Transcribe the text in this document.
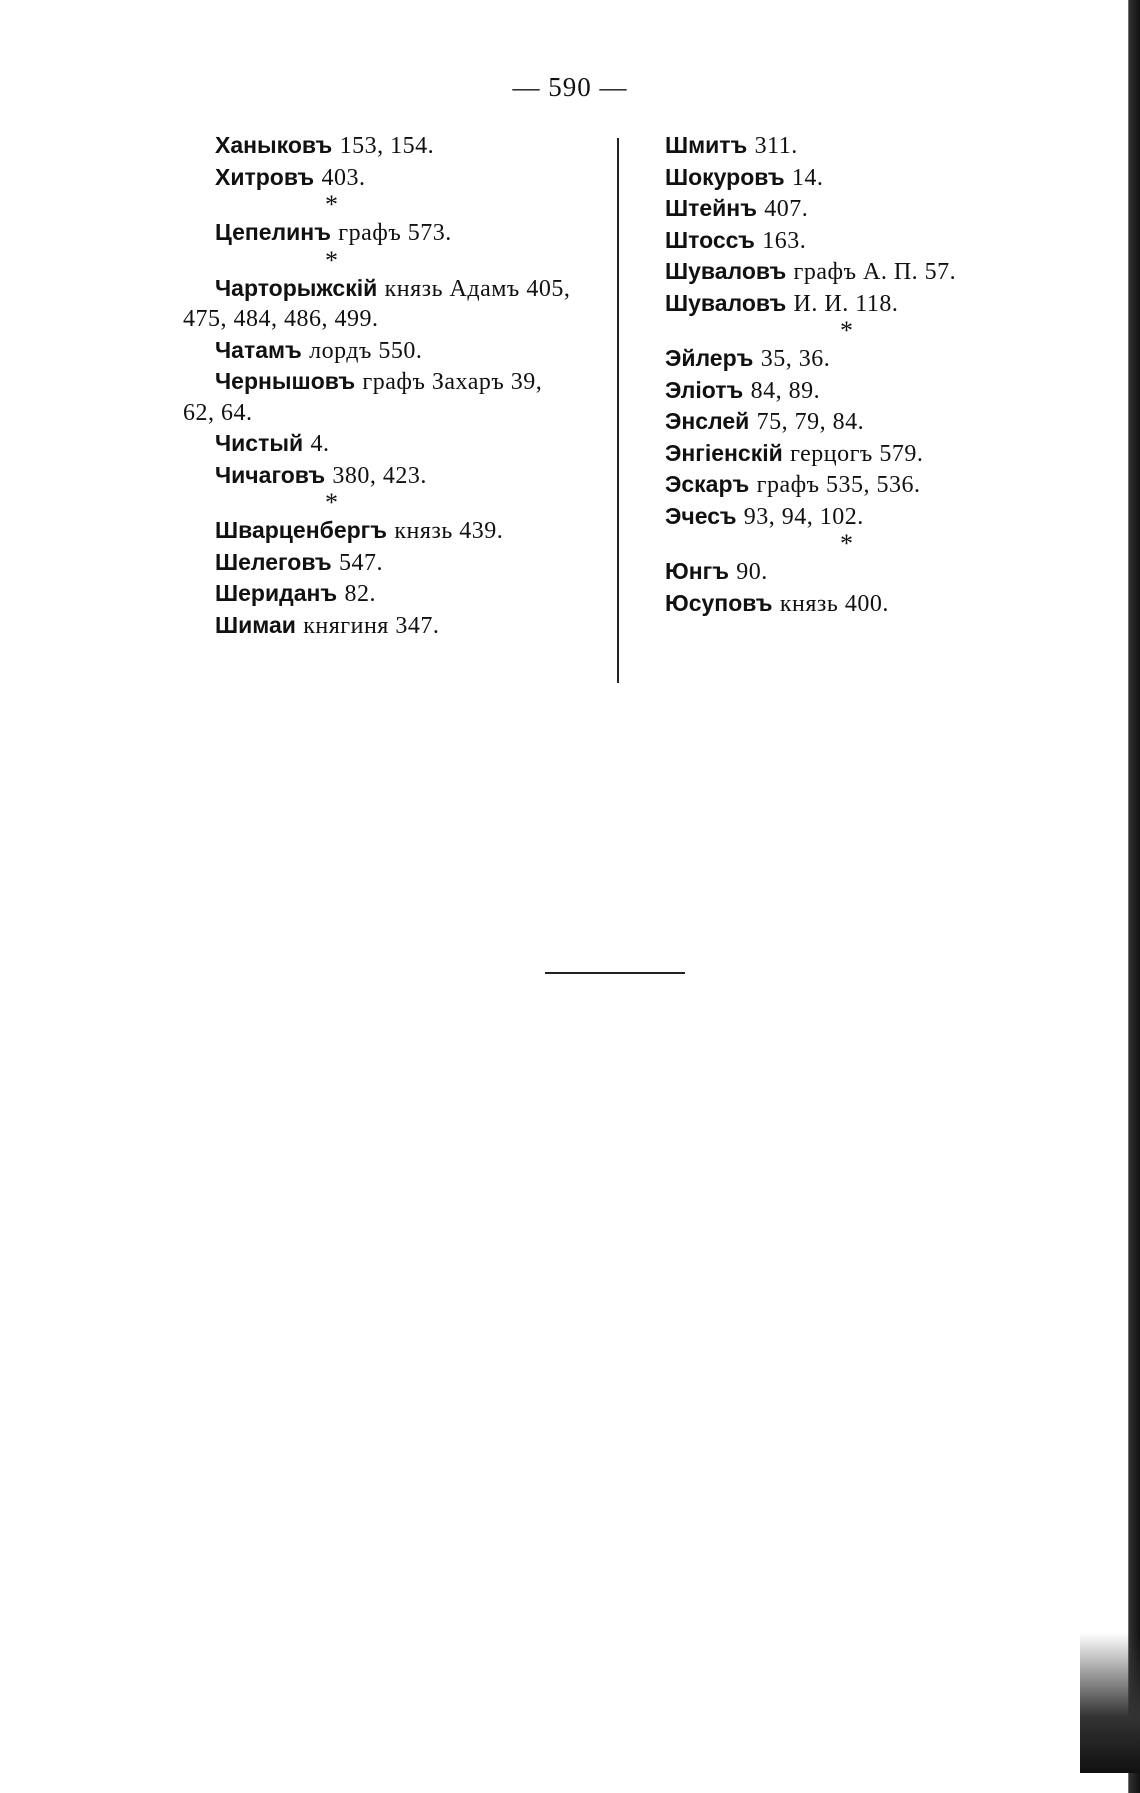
— 590 —

Ханыковъ 153, 154.

Хитровъ 403.

*

Цепелинъ графъ 573.

*

Чарторыжскій князь Адамъ 405,
475, 484, 486, 499.

Чатамъ лордъ 550.

Чернышовъ графъ Захаръ 39,
62, 64.

Чистый 4.

Чичаговъ 380, 423.

*

Шварценбергъ князь 439.

Шелеговъ 547.

Шериданъ 82.

Шимаи княгиня 347.

Шмитъ 311.

Шокуровъ 14.

Штейнъ 407.

Штоссъ 163.

Шуваловъ графъ А. П. 57.

Шуваловъ И. И. 118.

*

Эйлеръ 35, 36.

Эліотъ 84, 89.

Энслей 75, 79, 84.

Энгіенскій герцогъ 579.

Эскаръ графъ 535, 536.

Эчесъ 93, 94, 102.

*

Юнгъ 90.

Юсуповъ князь 400.
